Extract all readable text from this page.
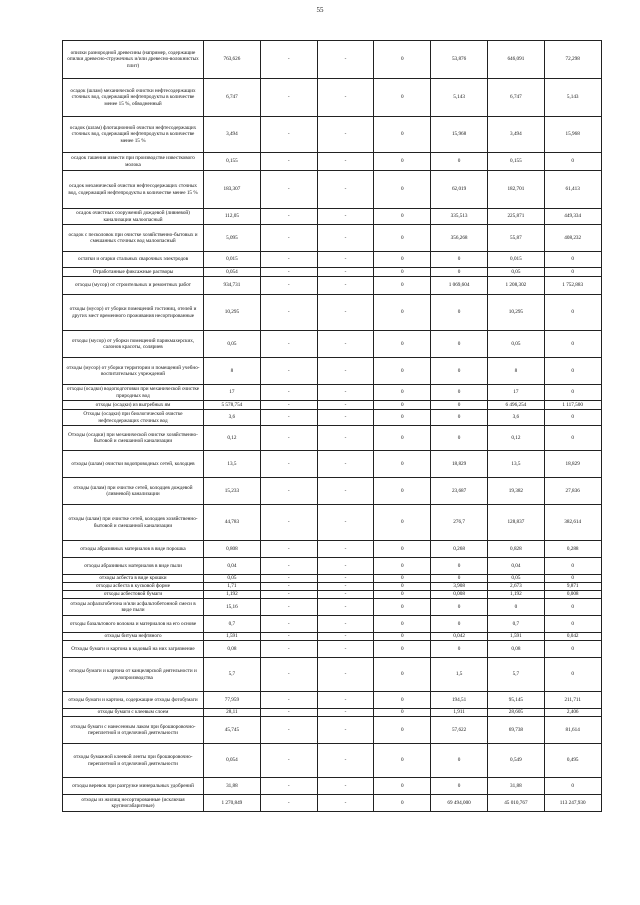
55
опилки разнородной древесины (например, содержащие опилки древесно-стружечных и/или древесно-волокнистых плит)	763,626	-	-	0	53,876	646,091	72,298
осадок (шлам) механической очистки нефтесодержащих сточных вод, содержащий нефтепродукты в количестве менее 15 %, обводненный	6,747	-	-	0	5,143	6,747	5,143
осадок (шлам) флотационной очистки нефтесодержащих сточных вод, содержащий нефтепродукты в количестве менее 15 %	3,494	-	-	0	15,968	3,494	15,968
осадок гашения извести при производстве известкового молока	0,155	-	-	0	0	0,155	0
осадок механической очистки нефтесодержащих сточных вод, содержащий нефтепродукты в количестве менее 15 %	183,307	-	-	0	62,019	182,701	61,413
осадок очистных сооружений дождевой (ливневой) канализации малоопасный	112,05	-	-	0	335,513	225,871	449,334
осадок с песколовок при очистке хозяйственно-бытовых и смешанных сточных вод малоопасный	5,095	-	-	0	356,268	55,87	408,232
остатки и огарки стальных сварочных электродов	0,015	-	-	0	0	0,015	0
Отработанные фиксажные растворы	0,054	-	-	0	0	0,05	0
отходы (мусор) от строительных и ремонтных работ	934,731	-	-	0	1 069,604	1 208,302	1 752,883
отходы (мусор) от уборки помещений гостиниц, отелей и других мест временного проживания несортированные	10,295	-	-	0	0	10,295	0
отходы (мусор) от уборки помещений парикмахерских, салонов красоты, соляриев	0,05	-	-	0	0	0,05	0
отходы (мусор) от уборки территории и помещений учебно-воспитательных учреждений	8	-	-	0	0	8	0
отходы (осадки) водоподготовки при механической очистке природных вод	17	-	-	0	0	17	0
отходы (осадки) из выгребных ям	5 578,754	-	-	0	0	6 496,254	1 117,500
Отходы (осадки) при биологической очистке нефтесодержащих сточных вод	3,6	-	-	0	0	3,6	0
Отходы (осадки) при механической очистке хозяйственно-бытовой и смешанной канализации	0,12	-	-	0	0	0,12	0
отходы (шлам) очистки водопроводных сетей, колодцев	13,5	-	-	0	18,829	13,5	18,829
отходы (шлам) при очистке сетей, колодцев дождевой (ливневой) канализации	15,233	-	-	0	23,687	19,382	27,836
отходы (шлам) при очистке сетей, колодцев хозяйственно-бытовой и смешанной канализации	44,783	-	-	0	276,7	128,837	382,614
отходы абразивных материалов в виде порошка	0,808	-	-	0	0,268	0,828	0,288
отходы абразивных материалов в виде пыли	0,04	-	-	0	0	0,04	0
отходы асбеста в виде крошки	0,05	-	-	0	0	0,05	0
отходы асбеста в кусковой форме	1,71	-	-	0	3,908	2,673	9,871
отходы асбестовой бумаги	1,192	-	-	0	0,008	1,192	0,008
отходы асфальтобетона и/или асфальтобетонной смеси в виде пыли	15,16	-	-	0	0	0	0
отходы базальтового волокна и материалов на его основе	0,7	-	-	0	0	0,7	0
отходы битума нефтяного	1,591	-	-	0	0,042	1,591	0,042
Отходы бумаги и картона в кодовый на них загрязнение	0,08	-	-	0	0	0,08	0
отходы бумаги и картона от канцелярской деятельности и делопроизводства	5,7	-	-	0	1,5	5,7	0
отходы бумаги и картона, содержащие отходы фотобумаги	77,959	-	-	0	194,51	95,145	211,711
отходы бумаги с клеевым слоем	28,11	-	-	0	1,911	28,605	2,406
отходы бумаги с нанесенным лаком при брошюровочно-переплетной и отделочной деятельности	45,745	-	-	0	57,622	69,738	81,614
отходы бумажной клеевой ленты при брошюровочно-переплетной и отделочной деятельности	0,054	-	-	0	0	0,549	0,495
отходы веревок при разгрузке минеральных удобрений	31,88	-	-	0	0	31,88	0
отходы из жилищ несортированные (исключая крупногабаритные)	1 270,849	-	-	0	69 494,000	45 010,767	113 247,930
